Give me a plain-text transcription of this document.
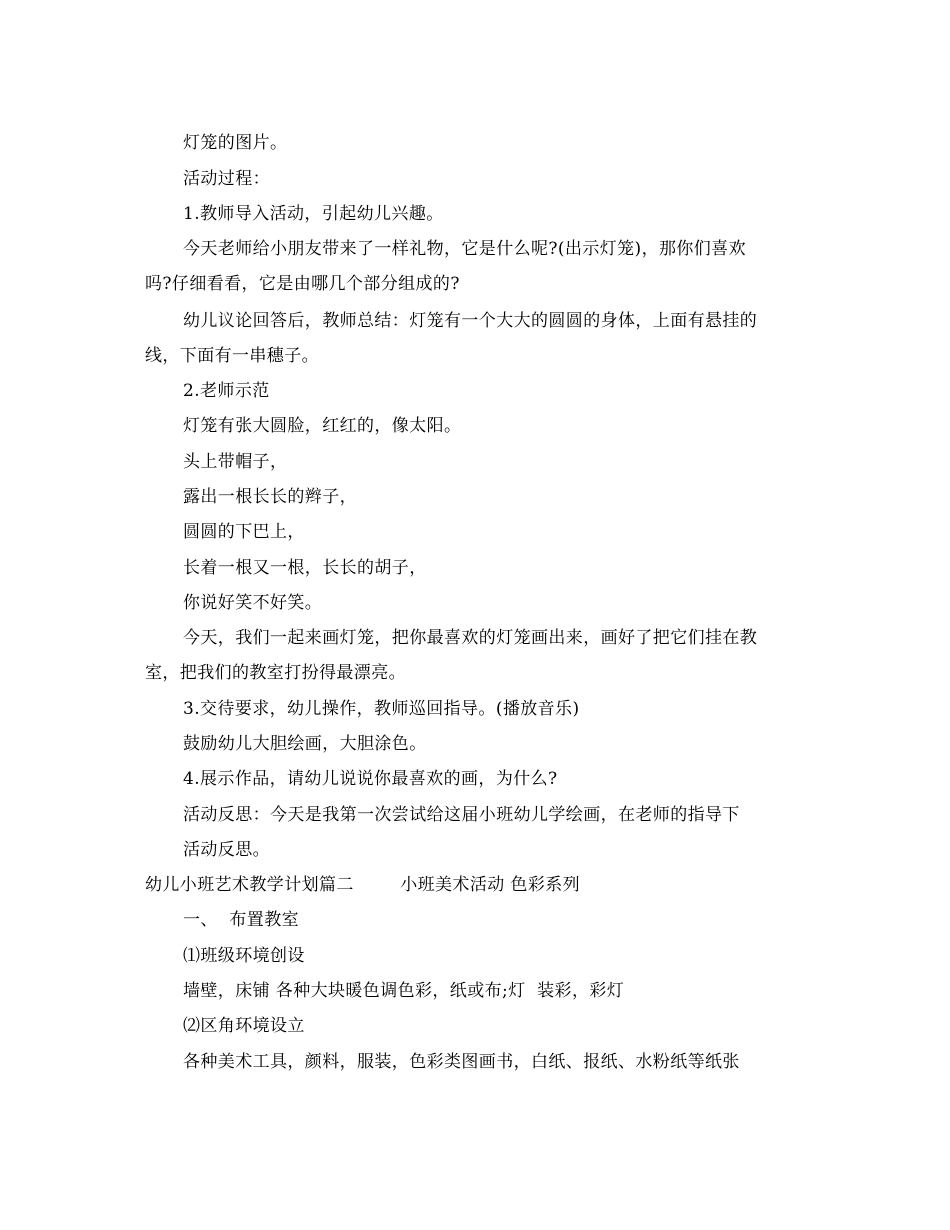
灯笼的图片。
活动过程：
1.教师导入活动，引起幼儿兴趣。
今天老师给小朋友带来了一样礼物，它是什么呢?(出示灯笼)，那你们喜欢
吗?仔细看看，它是由哪几个部分组成的?
幼儿议论回答后，教师总结：灯笼有一个大大的圆圆的身体，上面有悬挂的
线，下面有一串穗子。
2.老师示范
灯笼有张大圆脸，红红的，像太阳。
头上带帽子，
露出一根长长的辫子，
圆圆的下巴上，
长着一根又一根，长长的胡子，
你说好笑不好笑。
今天，我们一起来画灯笼，把你最喜欢的灯笼画出来，画好了把它们挂在教
室，把我们的教室打扮得最漂亮。
3.交待要求，幼儿操作，教师巡回指导。(播放音乐)
鼓励幼儿大胆绘画，大胆涂色。
4.展示作品，请幼儿说说你最喜欢的画，为什么?
活动反思：今天是我第一次尝试给这届小班幼儿学绘画，在老师的指导下
活动反思。
幼儿小班艺术教学计划篇二        小班美术活动 色彩系列
一、  布置教室
⑴班级环境创设
墙壁，床铺 各种大块暖色调色彩，纸或布;灯  装彩，彩灯
⑵区角环境设立
各种美术工具，颜料，服装，色彩类图画书，白纸、报纸、水粉纸等纸张
